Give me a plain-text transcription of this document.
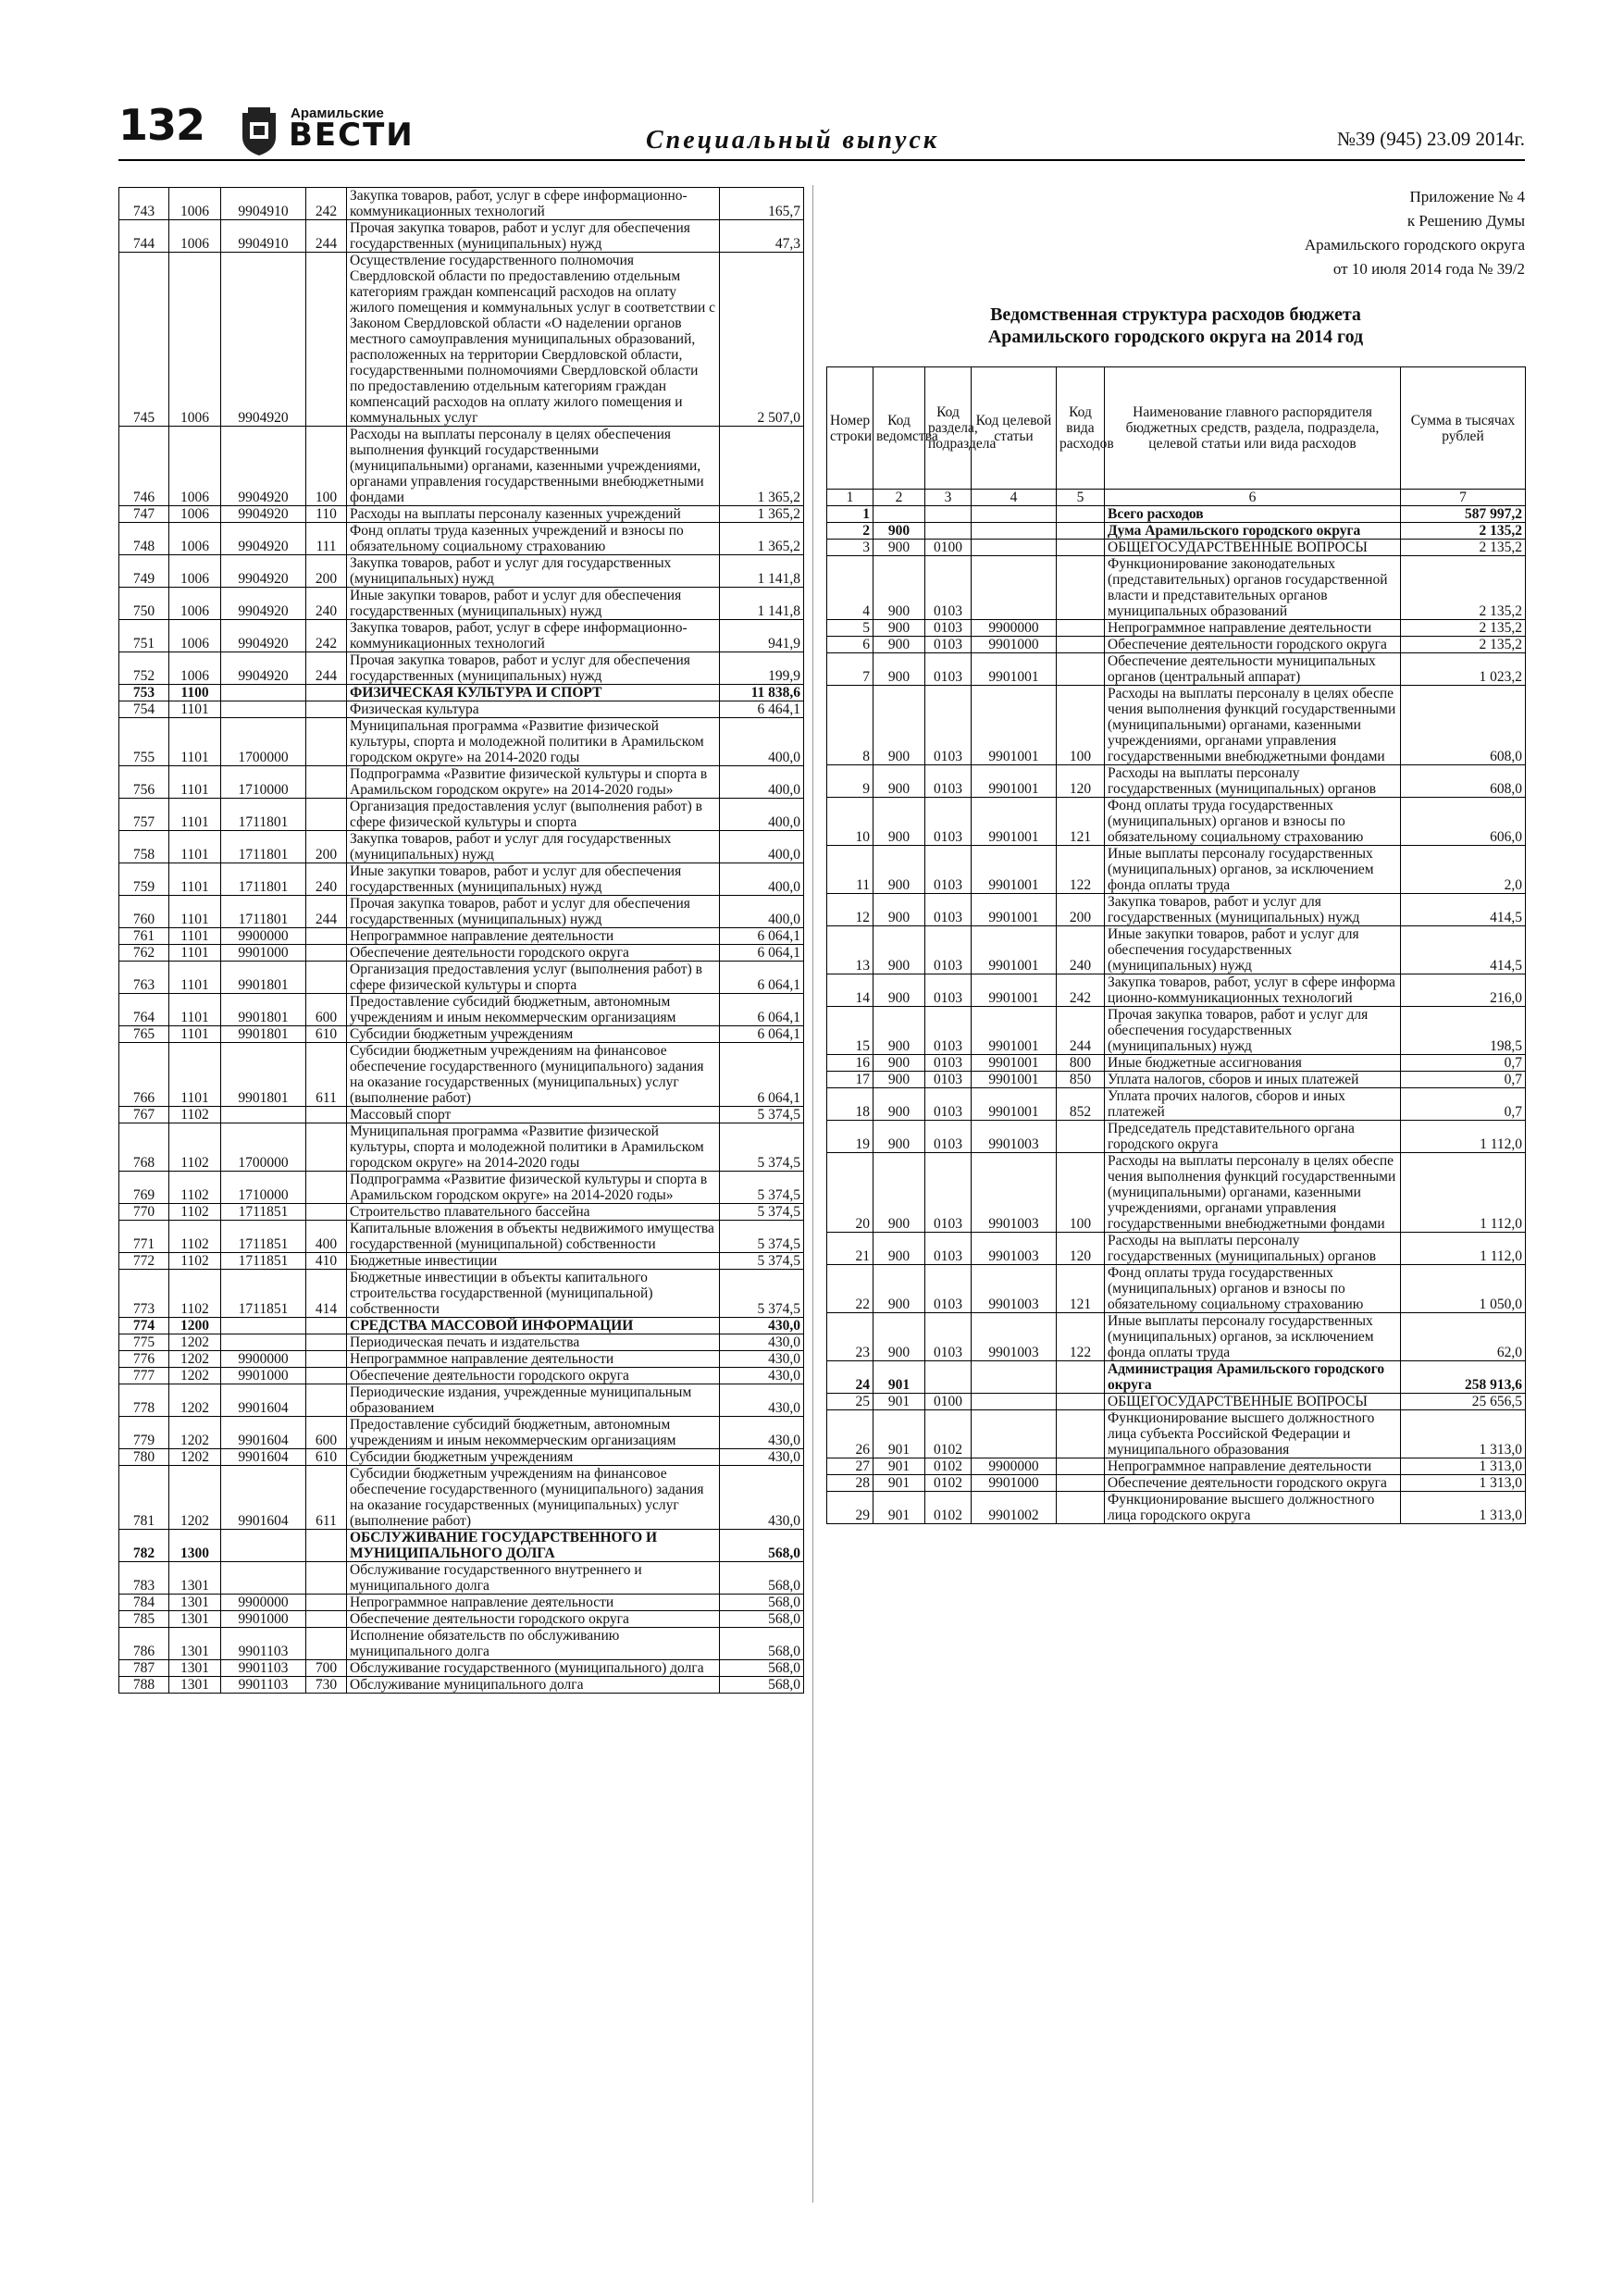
132	Арамильские
ВЕСТИ	Специальный выпуск	№39 (945) 23.09 2014г.
743	1006	9904910	242	Закупка товаров, работ, услуг в сфере информационно-коммуникационных технологий	165,7
744	1006	9904910	244	Прочая закупка товаров, работ и услуг для обеспечения государственных (муниципальных) нужд	47,3
745	1006	9904920		Осуществление государственного полномочия Свердловской области по предоставлению отдельным категориям граждан компенсаций расходов на оплату жилого помещения и коммунальных услуг в соответствии с Законом Свердловской области «О наделении органов местного самоуправления муниципальных образований, расположенных на территории Свердловской области, государственными полномочиями Свердловской области по предоставлению отдельным категориям граждан компенсаций расходов на оплату жилого помещения и коммунальных услуг	2 507,0
746	1006	9904920	100	Расходы на выплаты персоналу в целях обеспечения выполнения функций государственными (муниципальными) органами, казенными учреждениями, органами управления государственными внебюджетными фондами	1 365,2
747	1006	9904920	110	Расходы на выплаты персоналу казенных учреждений	1 365,2
748	1006	9904920	111	Фонд оплаты труда казенных учреждений и взносы по обязательному социальному страхованию	1 365,2
749	1006	9904920	200	Закупка товаров, работ и услуг для государственных (муниципальных) нужд	1 141,8
750	1006	9904920	240	Иные закупки товаров, работ и услуг для обеспечения государственных (муниципальных) нужд	1 141,8
751	1006	9904920	242	Закупка товаров, работ, услуг в сфере информационно-коммуникационных технологий	941,9
752	1006	9904920	244	Прочая закупка товаров, работ и услуг для обеспечения государственных (муниципальных) нужд	199,9
753	1100			ФИЗИЧЕСКАЯ КУЛЬТУРА И СПОРТ	11 838,6
754	1101			Физическая культура	6 464,1
755	1101	1700000		Муниципальная программа «Развитие физической культуры, спорта и молодежной политики в Арамильском городском округе» на 2014-2020 годы	400,0
756	1101	1710000		Подпрограмма «Развитие физической культуры и спорта в Арамильском городском округе» на 2014-2020 годы»	400,0
757	1101	1711801		Организация предоставления услуг (выполнения работ) в сфере физической культуры и спорта	400,0
758	1101	1711801	200	Закупка товаров, работ и услуг для государственных (муниципальных) нужд	400,0
759	1101	1711801	240	Иные закупки товаров, работ и услуг для обеспечения государственных (муниципальных) нужд	400,0
760	1101	1711801	244	Прочая закупка товаров, работ и услуг для обеспечения государственных (муниципальных) нужд	400,0
761	1101	9900000		Непрограммное направление деятельности	6 064,1
762	1101	9901000		Обеспечение деятельности городского округа	6 064,1
763	1101	9901801		Организация предоставления услуг (выполнения работ) в сфере физической культуры и спорта	6 064,1
764	1101	9901801	600	Предоставление субсидий бюджетным, автономным учреждениям и иным некоммерческим организациям	6 064,1
765	1101	9901801	610	Субсидии бюджетным учреждениям	6 064,1
766	1101	9901801	611	Субсидии бюджетным учреждениям на финансовое обеспечение государственного (муниципального) задания на оказание государственных (муниципальных) услуг (выполнение работ)	6 064,1
767	1102			Массовый спорт	5 374,5
768	1102	1700000		Муниципальная программа «Развитие физической культуры, спорта и молодежной политики в Арамильском городском округе» на 2014-2020 годы	5 374,5
769	1102	1710000		Подпрограмма «Развитие физической культуры и спорта в Арамильском городском округе» на 2014-2020 годы»	5 374,5
770	1102	1711851		Строительство плавательного бассейна	5 374,5
771	1102	1711851	400	Капитальные вложения в объекты недвижимого имущества государственной (муниципальной) собственности	5 374,5
772	1102	1711851	410	Бюджетные инвестиции	5 374,5
773	1102	1711851	414	Бюджетные инвестиции в объекты капитального строительства государственной (муниципальной) собственности	5 374,5
774	1200			СРЕДСТВА МАССОВОЙ ИНФОРМАЦИИ	430,0
775	1202			Периодическая печать и издательства	430,0
776	1202	9900000		Непрограммное направление деятельности	430,0
777	1202	9901000		Обеспечение деятельности городского округа	430,0
778	1202	9901604		Периодические издания, учрежденные муниципальным образованием	430,0
779	1202	9901604	600	Предоставление субсидий бюджетным, автономным учреждениям и иным некоммерческим организациям	430,0
780	1202	9901604	610	Субсидии бюджетным учреждениям	430,0
781	1202	9901604	611	Субсидии бюджетным учреждениям на финансовое обеспечение государственного (муниципального) задания на оказание государственных (муниципальных) услуг (выполнение работ)	430,0
782	1300			ОБСЛУЖИВАНИЕ ГОСУДАРСТВЕННОГО И МУНИЦИПАЛЬНОГО ДОЛГА	568,0
783	1301			Обслуживание государственного внутреннего и муниципального долга	568,0
784	1301	9900000		Непрограммное направление деятельности	568,0
785	1301	9901000		Обеспечение деятельности городского округа	568,0
786	1301	9901103		Исполнение обязательств по обслуживанию муниципального долга	568,0
787	1301	9901103	700	Обслуживание государственного (муниципального) долга	568,0
788	1301	9901103	730	Обслуживание муниципального долга	568,0
Приложение № 4
к Решению Думы
Арамильского городского округа
от 10 июля 2014 года № 39/2
Ведомственная структура расходов бюджета
Арамильского городского округа на 2014 год
Номер строки	Код ведомства	Код раздела, подраздела	Код целевой статьи	Код вида расходов	Наименование главного распорядителя бюджетных средств, раздела, подраздела, целевой статьи или вида расходов	Сумма в тысячах рублей
1	2	3	4	5	6	7
1					Всего расходов	587 997,2
2	900				Дума Арамильского городского округа	2 135,2
3	900	0100			ОБЩЕГОСУДАРСТВЕННЫЕ ВОПРОСЫ	2 135,2
4	900	0103			Функционирование законодательных (представительных) органов государственной власти и представительных органов муниципальных образований	2 135,2
5	900	0103	9900000		Непрограммное направление деятельности	2 135,2
6	900	0103	9901000		Обеспечение деятельности городского округа	2 135,2
7	900	0103	9901001		Обеспечение деятельности муниципальных органов (центральный аппарат)	1 023,2
8	900	0103	9901001	100	Расходы на выплаты персоналу в целях обеспе чения выполнения функций государственными (муниципальными) органами, казенными учреждениями, органами управления государственными внебюджетными фондами	608,0
9	900	0103	9901001	120	Расходы на выплаты персоналу государственных (муниципальных) органов	608,0
10	900	0103	9901001	121	Фонд оплаты труда государственных (муниципальных) органов и взносы по обязательному социальному страхованию	606,0
11	900	0103	9901001	122	Иные выплаты персоналу государственных (муниципальных) органов, за исключением фонда оплаты труда	2,0
12	900	0103	9901001	200	Закупка товаров, работ и услуг для государственных (муниципальных) нужд	414,5
13	900	0103	9901001	240	Иные закупки товаров, работ и услуг для обеспечения государственных (муниципальных) нужд	414,5
14	900	0103	9901001	242	Закупка товаров, работ, услуг в сфере информа ционно-коммуникационных технологий	216,0
15	900	0103	9901001	244	Прочая закупка товаров, работ и услуг для обеспечения государственных (муниципальных) нужд	198,5
16	900	0103	9901001	800	Иные бюджетные ассигнования	0,7
17	900	0103	9901001	850	Уплата налогов, сборов и иных платежей	0,7
18	900	0103	9901001	852	Уплата прочих налогов, сборов и иных платежей	0,7
19	900	0103	9901003		Председатель представительного органа городского округа	1 112,0
20	900	0103	9901003	100	Расходы на выплаты персоналу в целях обеспе чения выполнения функций государственными (муниципальными) органами, казенными учреждениями, органами управления государственными внебюджетными фондами	1 112,0
21	900	0103	9901003	120	Расходы на выплаты персоналу государственных (муниципальных) органов	1 112,0
22	900	0103	9901003	121	Фонд оплаты труда государственных (муниципальных) органов и взносы по обязательному социальному страхованию	1 050,0
23	900	0103	9901003	122	Иные выплаты персоналу государственных (муниципальных) органов, за исключением фонда оплаты труда	62,0
24	901				Администрация Арамильского городского округа	258 913,6
25	901	0100			ОБЩЕГОСУДАРСТВЕННЫЕ ВОПРОСЫ	25 656,5
26	901	0102			Функционирование высшего должностного лица субъекта Российской Федерации и муниципального образования	1 313,0
27	901	0102	9900000		Непрограммное направление деятельности	1 313,0
28	901	0102	9901000		Обеспечение деятельности городского округа	1 313,0
29	901	0102	9901002		Функционирование высшего должностного лица городского округа	1 313,0
